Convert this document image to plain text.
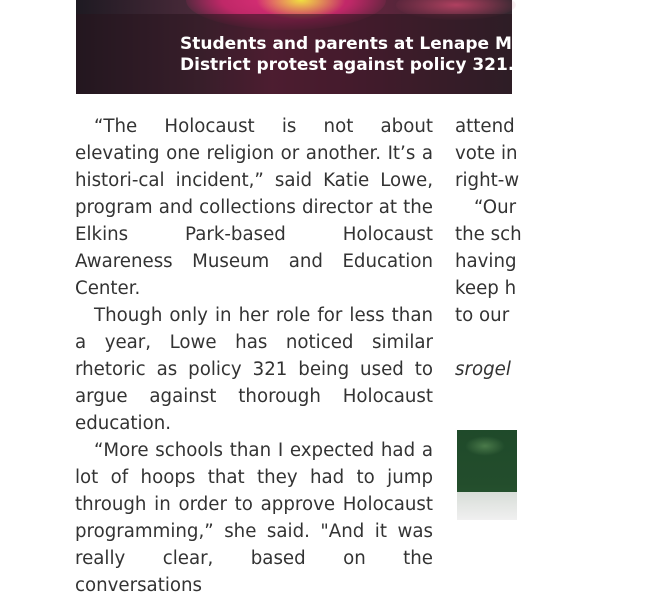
Students and parents at Lenape Middle School
District protest against policy 321.

“The Holocaust is not about elevating one religion or another. It’s a histori-cal incident,” said Katie Lowe, program and collections director at the Elkins Park-based Holocaust Awareness Museum and Education Center.

Though only in her role for less than a year, Lowe has noticed similar rhetoric as policy 321 being used to argue against thorough Holocaust education.

“More schools than I expected had a lot of hoops that they had to jump through in order to approve Holocaust programming,” she said. "And it was really clear, based on the conversations

attend
vote in
right-w
“Our
the sch
having
keep h
to our
srogel
